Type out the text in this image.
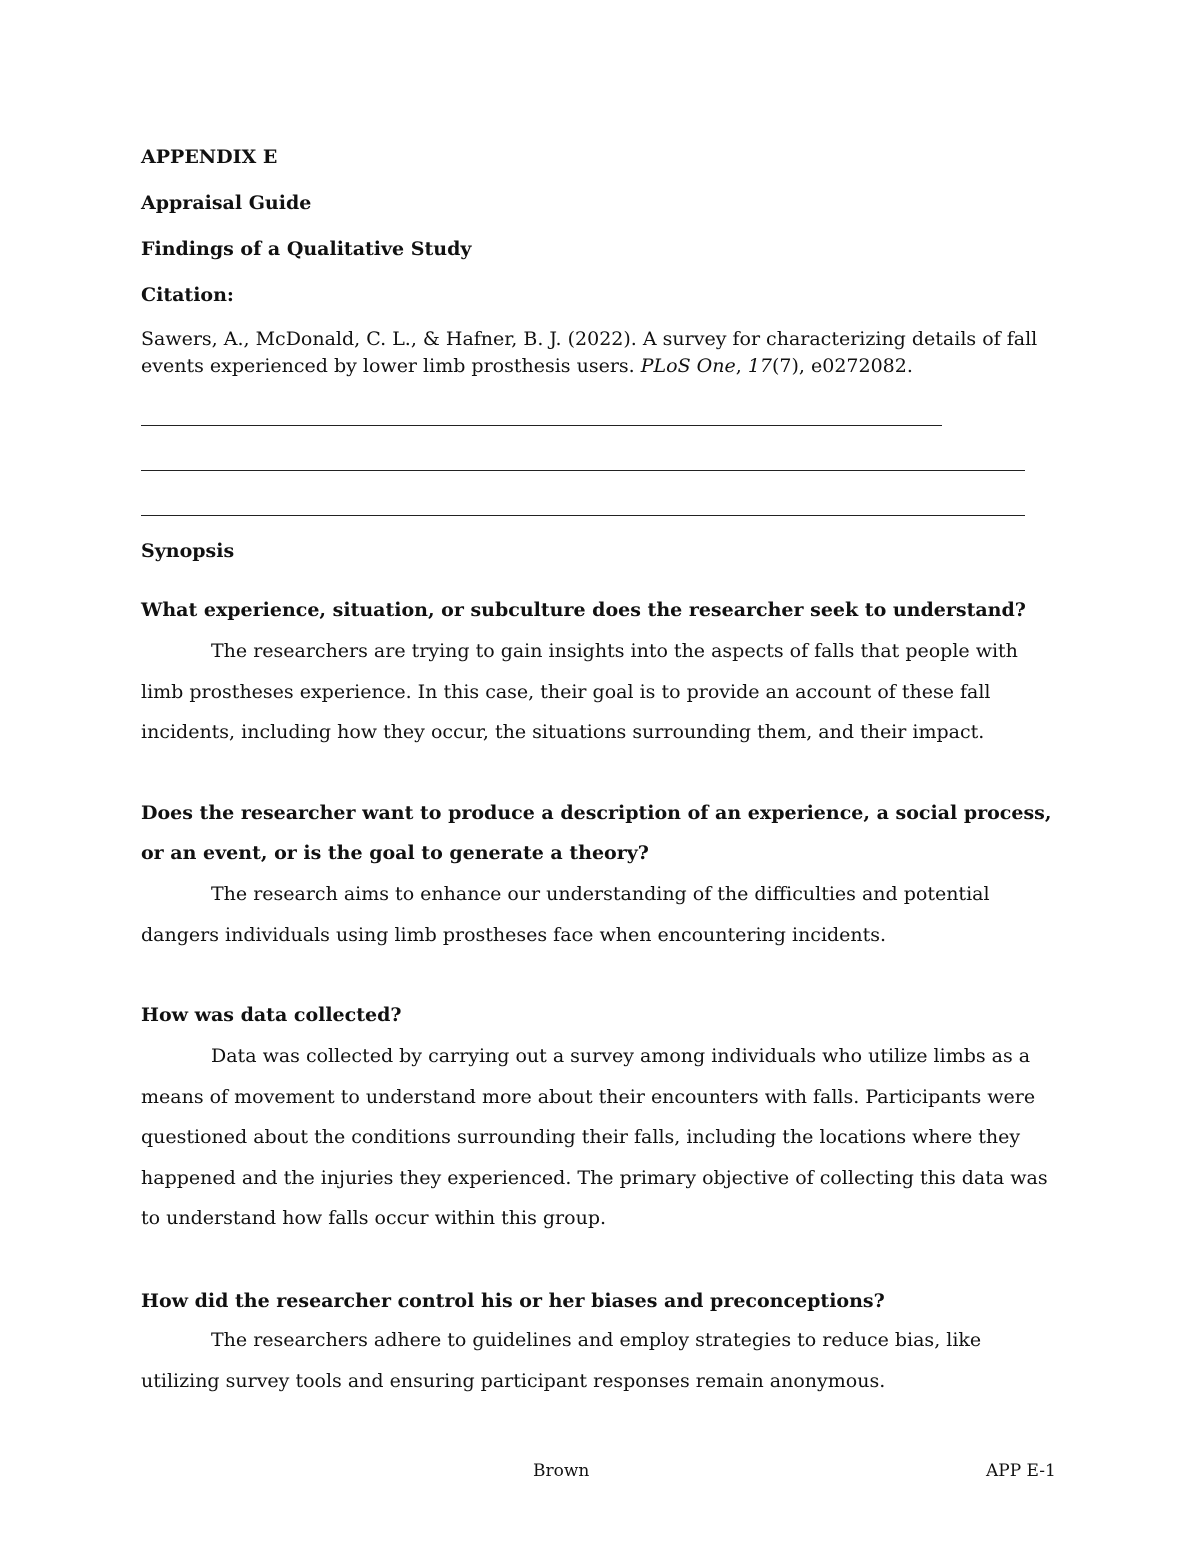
APPENDIX E
Appraisal Guide
Findings of a Qualitative Study
Citation:
Sawers, A., McDonald, C. L., & Hafner, B. J. (2022). A survey for characterizing details of fall events experienced by lower limb prosthesis users. PLoS One, 17(7), e0272082.
Synopsis
What experience, situation, or subculture does the researcher seek to understand?
The researchers are trying to gain insights into the aspects of falls that people with limb prostheses experience. In this case, their goal is to provide an account of these fall incidents, including how they occur, the situations surrounding them, and their impact.
Does the researcher want to produce a description of an experience, a social process, or an event, or is the goal to generate a theory?
The research aims to enhance our understanding of the difficulties and potential dangers individuals using limb prostheses face when encountering incidents.
How was data collected?
Data was collected by carrying out a survey among individuals who utilize limbs as a means of movement to understand more about their encounters with falls. Participants were questioned about the conditions surrounding their falls, including the locations where they happened and the injuries they experienced. The primary objective of collecting this data was to understand how falls occur within this group.
How did the researcher control his or her biases and preconceptions?
The researchers adhere to guidelines and employ strategies to reduce bias, like utilizing survey tools and ensuring participant responses remain anonymous.
Brown	APP E-1
